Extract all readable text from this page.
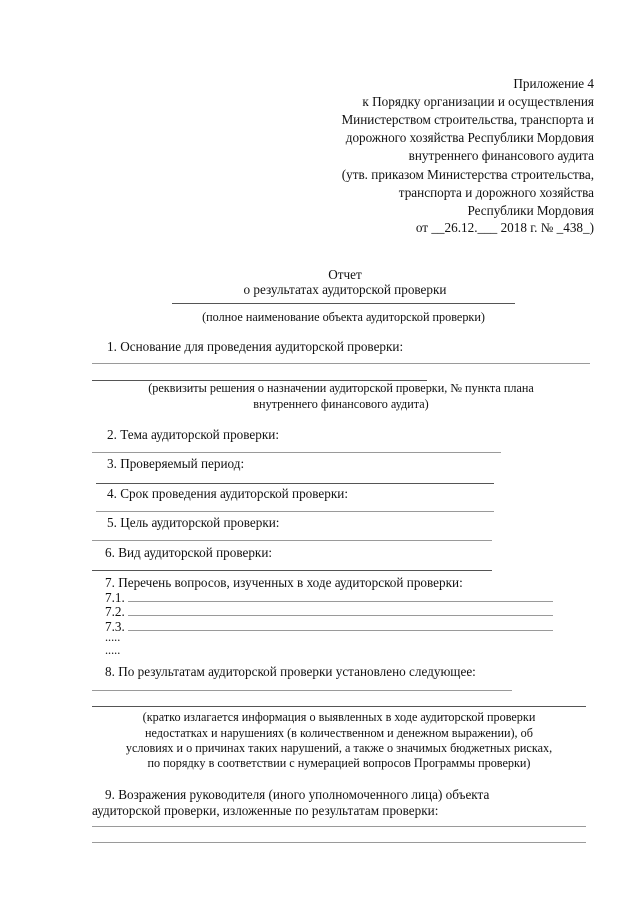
Приложение 4
к Порядку организации и осуществления
Министерством строительства, транспорта и
дорожного хозяйства Республики Мордовия
внутреннего финансового аудита
(утв. приказом Министерства строительства,
транспорта и дорожного хозяйства
Республики Мордовия
от __26.12.___ 2018 г. № _438_)
Отчет
о результатах аудиторской проверки
(полное наименование объекта аудиторской проверки)
1. Основание для проведения аудиторской проверки:
(реквизиты решения о назначении аудиторской проверки, № пункта плана
внутреннего финансового аудита)
2. Тема аудиторской проверки:
3. Проверяемый период:
4. Срок проведения аудиторской проверки:
5. Цель аудиторской проверки:
6. Вид аудиторской проверки:
7. Перечень вопросов, изученных в ходе аудиторской проверки:
7.1.
7.2.
7.3.
.....
.....
8. По результатам аудиторской проверки установлено следующее:
(кратко излагается информация о выявленных в ходе аудиторской проверки
недостатках и нарушениях (в количественном и денежном выражении), об
условиях и о причинах таких нарушений, а также о значимых бюджетных рисках,
по порядку в соответствии с нумерацией вопросов Программы проверки)
9. Возражения руководителя (иного уполномоченного лица) объекта
аудиторской проверки, изложенные по результатам проверки:
